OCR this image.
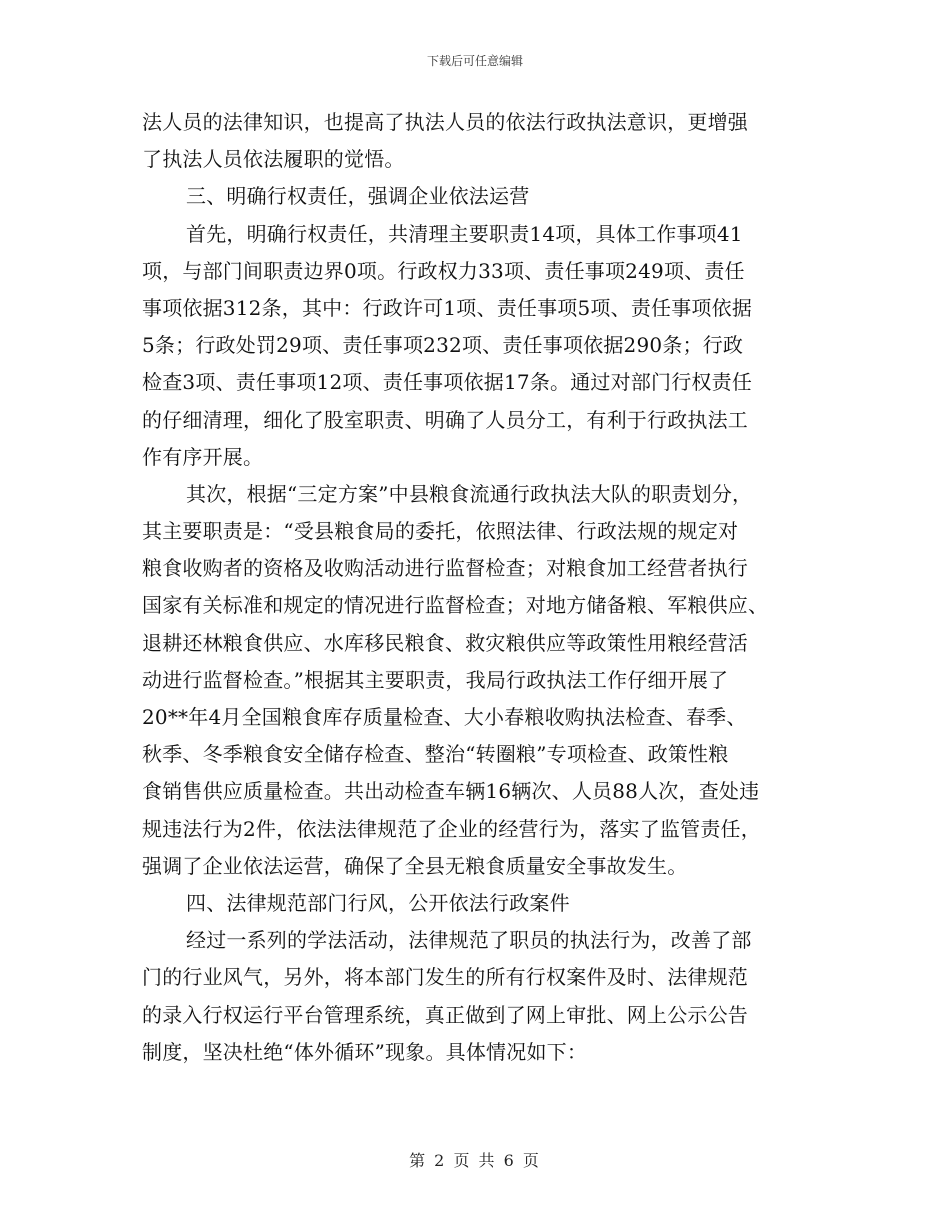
下载后可任意编辑
法人员的法律知识，也提高了执法人员的依法行政执法意识，更增强
了执法人员依法履职的觉悟。
三、明确行权责任，强调企业依法运营
首先，明确行权责任，共清理主要职责14项，具体工作事项41
项，与部门间职责边界0项。行政权力33项、责任事项249项、责任
事项依据312条，其中：行政许可1项、责任事项5项、责任事项依据
5条；行政处罚29项、责任事项232项、责任事项依据290条；行政
检查3项、责任事项12项、责任事项依据17条。通过对部门行权责任
的仔细清理，细化了股室职责、明确了人员分工，有利于行政执法工
作有序开展。
其次，根据“三定方案”中县粮食流通行政执法大队的职责划分，
其主要职责是：“受县粮食局的委托，依照法律、行政法规的规定对
粮食收购者的资格及收购活动进行监督检查；对粮食加工经营者执行
国家有关标准和规定的情况进行监督检查；对地方储备粮、军粮供应、
退耕还林粮食供应、水库移民粮食、救灾粮供应等政策性用粮经营活
动进行监督检查。”根据其主要职责，我局行政执法工作仔细开展了
20**年4月全国粮食库存质量检查、大小春粮收购执法检查、春季、
秋季、冬季粮食安全储存检查、整治“转圈粮”专项检查、政策性粮
食销售供应质量检查。共出动检查车辆16辆次、人员88人次，查处违
规违法行为2件，依法法律规范了企业的经营行为，落实了监管责任，
强调了企业依法运营，确保了全县无粮食质量安全事故发生。
四、法律规范部门行风，公开依法行政案件
经过一系列的学法活动，法律规范了职员的执法行为，改善了部
门的行业风气，另外，将本部门发生的所有行权案件及时、法律规范
的录入行权运行平台管理系统，真正做到了网上审批、网上公示公告
制度，坚决杜绝“体外循环”现象。具体情况如下：
第 2 页 共 6 页
